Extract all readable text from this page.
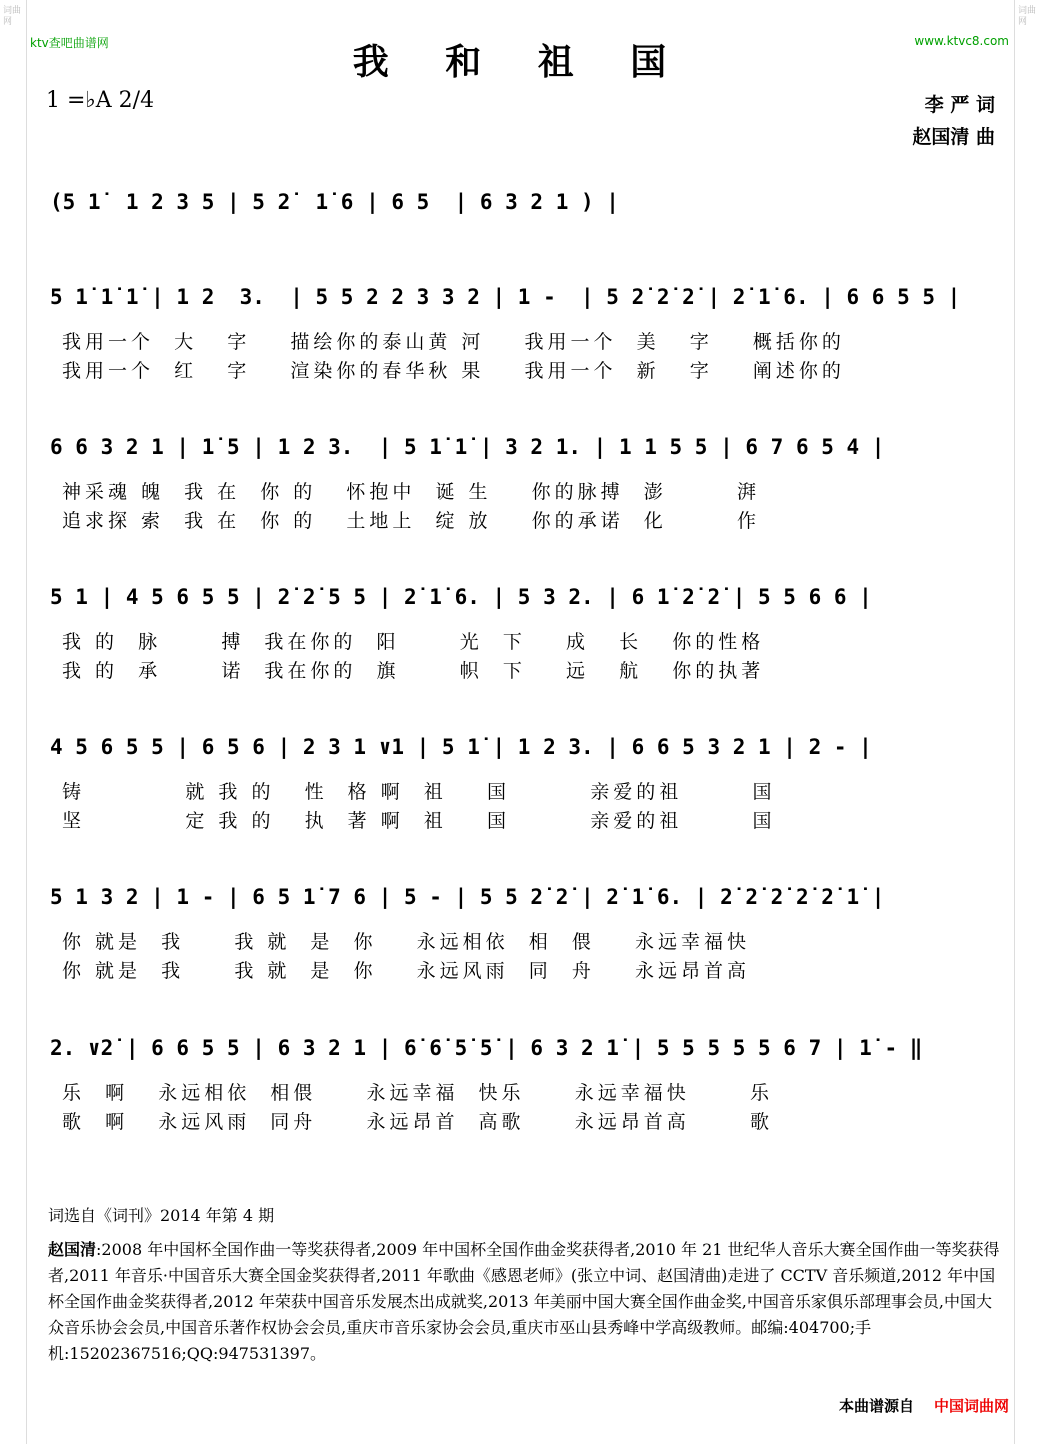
词曲网
词曲网
ktv查吧曲谱网	www.ktvc8.com
我 和 祖 国
1 =♭A 2/4	李 严 词
赵国清 曲
(5 1̇  1 2 3 5 | 5 2̇  1̇ 6 | 6 5  | 6 3 2 1 ) |
5 1̇ 1̇ 1̇ | 1 2  3.  | 5 5 2 2 3 3 2 | 1 -  | 5 2̇ 2̇ 2̇ | 2̇ 1̇ 6. | 6 6 5 5 |
我用一个  大   字    描绘你的泰山黄 河    我用一个  美   字    概括你的
我用一个  红   字    渲染你的春华秋 果    我用一个  新   字    阐述你的
6 6 3 2 1 | 1̇ 5 | 1 2 3.  | 5 1̇ 1̇ | 3 2 1. | 1 1 5 5 | 6 7 6 5 4 |
神采魂 魄  我 在  你 的   怀抱中  诞 生    你的脉搏  澎       湃
追求探 索  我 在  你 的   土地上  绽 放    你的承诺  化       作
5 1 | 4 5 6 5 5 | 2̇ 2̇ 5 5 | 2̇ 1̇ 6. | 5 3 2. | 6 1̇ 2̇ 2̇ | 5 5 6 6 |
我 的  脉      搏  我在你的  阳      光  下    成   长   你的性格
我 的  承      诺  我在你的  旗      帜  下    远   航   你的执著
4 5 6 5 5 | 6 5 6 | 2 3 1 ∨1 | 5 1̇ | 1 2 3. | 6 6 5 3 2 1 | 2 - |
铸          就 我 的   性  格 啊  祖    国        亲爱的祖       国
坚          定 我 的   执  著 啊  祖    国        亲爱的祖       国
5 1 3 2 | 1 - | 6 5 1̇ 7 6 | 5 - | 5 5 2̇ 2̇ | 2̇ 1̇ 6. | 2̇ 2̇ 2̇ 2̇ 2̇ 1̇ |
你 就是  我     我 就  是  你    永远相依  相  偎    永远幸福快
你 就是  我     我 就  是  你    永远风雨  同  舟    永远昂首高
2. ∨2̇ | 6 6 5 5 | 6 3 2 1 | 6̇ 6̇ 5̇ 5̇ | 6 3 2 1̇ | 5 5 5 5 5 6 7 | 1̇ - ‖
乐  啊   永远相依  相偎     永远幸福  快乐     永远幸福快      乐
歌  啊   永远风雨  同舟     永远昂首  高歌     永远昂首高      歌
词选自《词刊》2014 年第 4 期
赵国清:2008 年中国杯全国作曲一等奖获得者,2009 年中国杯全国作曲金奖获得者,2010 年 21 世纪华人音乐大赛全国作曲一等奖获得者,2011 年音乐·中国音乐大赛全国金奖获得者,2011 年歌曲《感恩老师》(张立中词、赵国清曲)走进了 CCTV 音乐频道,2012 年中国杯全国作曲金奖获得者,2012 年荣获中国音乐发展杰出成就奖,2013 年美丽中国大赛全国作曲金奖,中国音乐家俱乐部理事会员,中国大众音乐协会会员,中国音乐著作权协会会员,重庆市音乐家协会会员,重庆市巫山县秀峰中学高级教师。邮编:404700;手机:15202367516;QQ:947531397。
本曲谱源自 中国词曲网
